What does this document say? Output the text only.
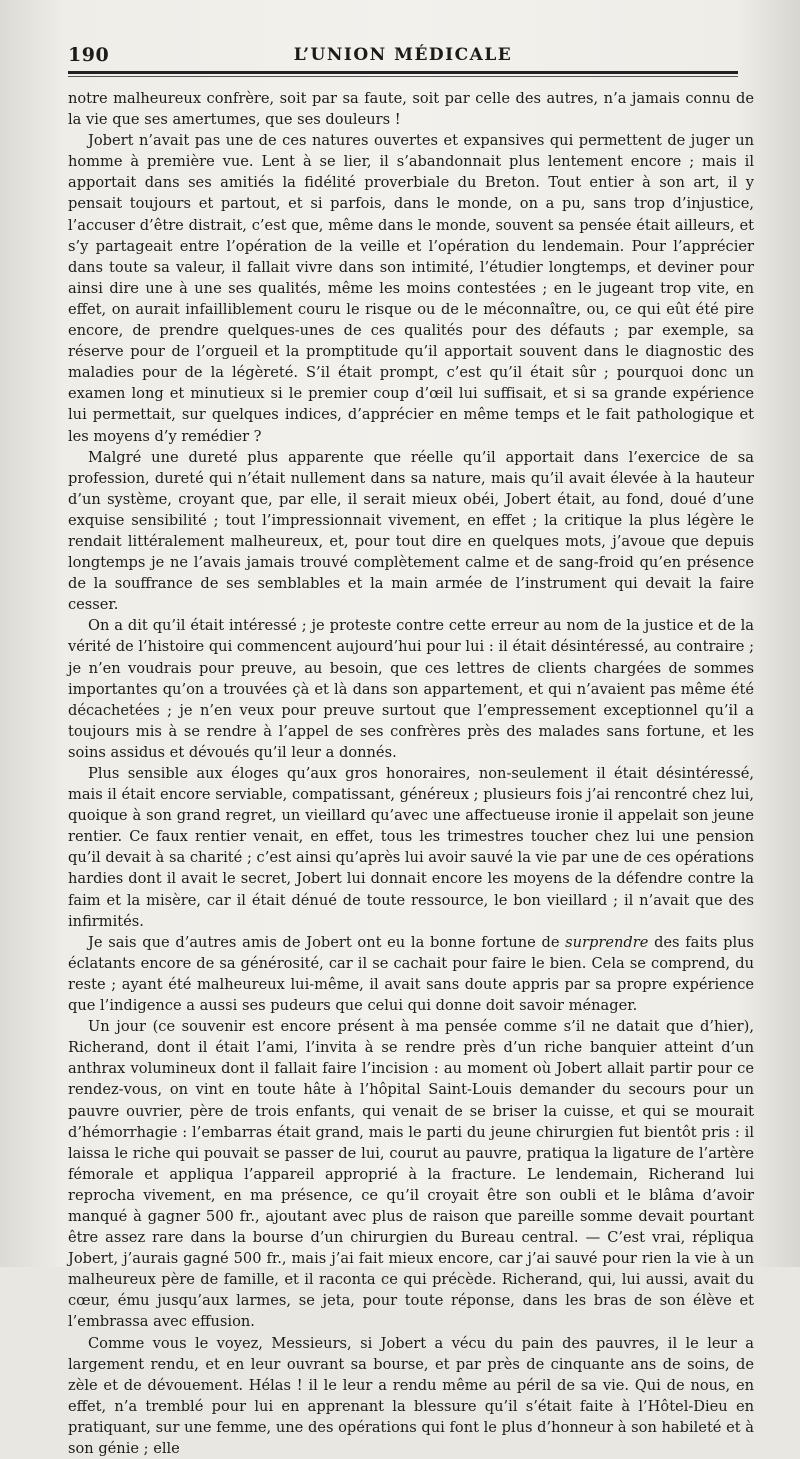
190	L’UNION MÉDICALE

notre malheureux confrère, soit par sa faute, soit par celle des autres, n’a jamais connu de la vie que ses amertumes, que ses douleurs !

Jobert n’avait pas une de ces natures ouvertes et expansives qui permettent de juger un homme à première vue. Lent à se lier, il s’abandonnait plus lentement encore ; mais il apportait dans ses amitiés la fidélité proverbiale du Breton. Tout entier à son art, il y pensait toujours et partout, et si parfois, dans le monde, on a pu, sans trop d’injustice, l’accuser d’être distrait, c’est que, même dans le monde, souvent sa pensée était ailleurs, et s’y partageait entre l’opération de la veille et l’opération du lendemain. Pour l’apprécier dans toute sa valeur, il fallait vivre dans son intimité, l’étudier longtemps, et deviner pour ainsi dire une à une ses qualités, même les moins contestées ; en le jugeant trop vite, en effet, on aurait infailliblement couru le risque ou de le méconnaître, ou, ce qui eût été pire encore, de prendre quelques-unes de ces qualités pour des défauts ; par exemple, sa réserve pour de l’orgueil et la promptitude qu’il apportait souvent dans le diagnostic des maladies pour de la légèreté. S’il était prompt, c’est qu’il était sûr ; pourquoi donc un examen long et minutieux si le premier coup d’œil lui suffisait, et si sa grande expérience lui permettait, sur quelques indices, d’apprécier en même temps et le fait pathologique et les moyens d’y remédier ?

Malgré une dureté plus apparente que réelle qu’il apportait dans l’exercice de sa profession, dureté qui n’était nullement dans sa nature, mais qu’il avait élevée à la hauteur d’un système, croyant que, par elle, il serait mieux obéi, Jobert était, au fond, doué d’une exquise sensibilité ; tout l’impressionnait vivement, en effet ; la critique la plus légère le rendait littéralement malheureux, et, pour tout dire en quelques mots, j’avoue que depuis longtemps je ne l’avais jamais trouvé complètement calme et de sang-froid qu’en présence de la souffrance de ses semblables et la main armée de l’instrument qui devait la faire cesser.

On a dit qu’il était intéressé ; je proteste contre cette erreur au nom de la justice et de la vérité de l’histoire qui commencent aujourd’hui pour lui : il était désintéressé, au contraire ; je n’en voudrais pour preuve, au besoin, que ces lettres de clients chargées de sommes importantes qu’on a trouvées çà et là dans son appartement, et qui n’avaient pas même été décachetées ; je n’en veux pour preuve surtout que l’empressement exceptionnel qu’il a toujours mis à se rendre à l’appel de ses confrères près des malades sans fortune, et les soins assidus et dévoués qu’il leur a donnés.

Plus sensible aux éloges qu’aux gros honoraires, non-seulement il était désintéressé, mais il était encore serviable, compatissant, généreux ; plusieurs fois j’ai rencontré chez lui, quoique à son grand regret, un vieillard qu’avec une affectueuse ironie il appelait son jeune rentier. Ce faux rentier venait, en effet, tous les trimestres toucher chez lui une pension qu’il devait à sa charité ; c’est ainsi qu’après lui avoir sauvé la vie par une de ces opérations hardies dont il avait le secret, Jobert lui donnait encore les moyens de la défendre contre la faim et la misère, car il était dénué de toute ressource, le bon vieillard ; il n’avait que des infirmités.

Je sais que d’autres amis de Jobert ont eu la bonne fortune de surprendre des faits plus éclatants encore de sa générosité, car il se cachait pour faire le bien. Cela se comprend, du reste ; ayant été malheureux lui-même, il avait sans doute appris par sa propre expérience que l’indigence a aussi ses pudeurs que celui qui donne doit savoir ménager.

Un jour (ce souvenir est encore présent à ma pensée comme s’il ne datait que d’hier), Richerand, dont il était l’ami, l’invita à se rendre près d’un riche banquier atteint d’un anthrax volumineux dont il fallait faire l’incision : au moment où Jobert allait partir pour ce rendez-vous, on vint en toute hâte à l’hôpital Saint-Louis demander du secours pour un pauvre ouvrier, père de trois enfants, qui venait de se briser la cuisse, et qui se mourait d’hémorrhagie : l’embarras était grand, mais le parti du jeune chirurgien fut bientôt pris : il laissa le riche qui pouvait se passer de lui, courut au pauvre, pratiqua la ligature de l’artère fémorale et appliqua l’appareil approprié à la fracture. Le lendemain, Richerand lui reprocha vivement, en ma présence, ce qu’il croyait être son oubli et le blâma d’avoir manqué à gagner 500 fr., ajoutant avec plus de raison que pareille somme devait pourtant être assez rare dans la bourse d’un chirurgien du Bureau central. — C’est vrai, répliqua Jobert, j’aurais gagné 500 fr., mais j’ai fait mieux encore, car j’ai sauvé pour rien la vie à un malheureux père de famille, et il raconta ce qui précède. Richerand, qui, lui aussi, avait du cœur, ému jusqu’aux larmes, se jeta, pour toute réponse, dans les bras de son élève et l’embrassa avec effusion.

Comme vous le voyez, Messieurs, si Jobert a vécu du pain des pauvres, il le leur a largement rendu, et en leur ouvrant sa bourse, et par près de cinquante ans de soins, de zèle et de dévouement. Hélas ! il le leur a rendu même au péril de sa vie. Qui de nous, en effet, n’a tremblé pour lui en apprenant la blessure qu’il s’était faite à l’Hôtel-Dieu en pratiquant, sur une femme, une des opérations qui font le plus d’honneur à son habileté et à son génie ; elle
